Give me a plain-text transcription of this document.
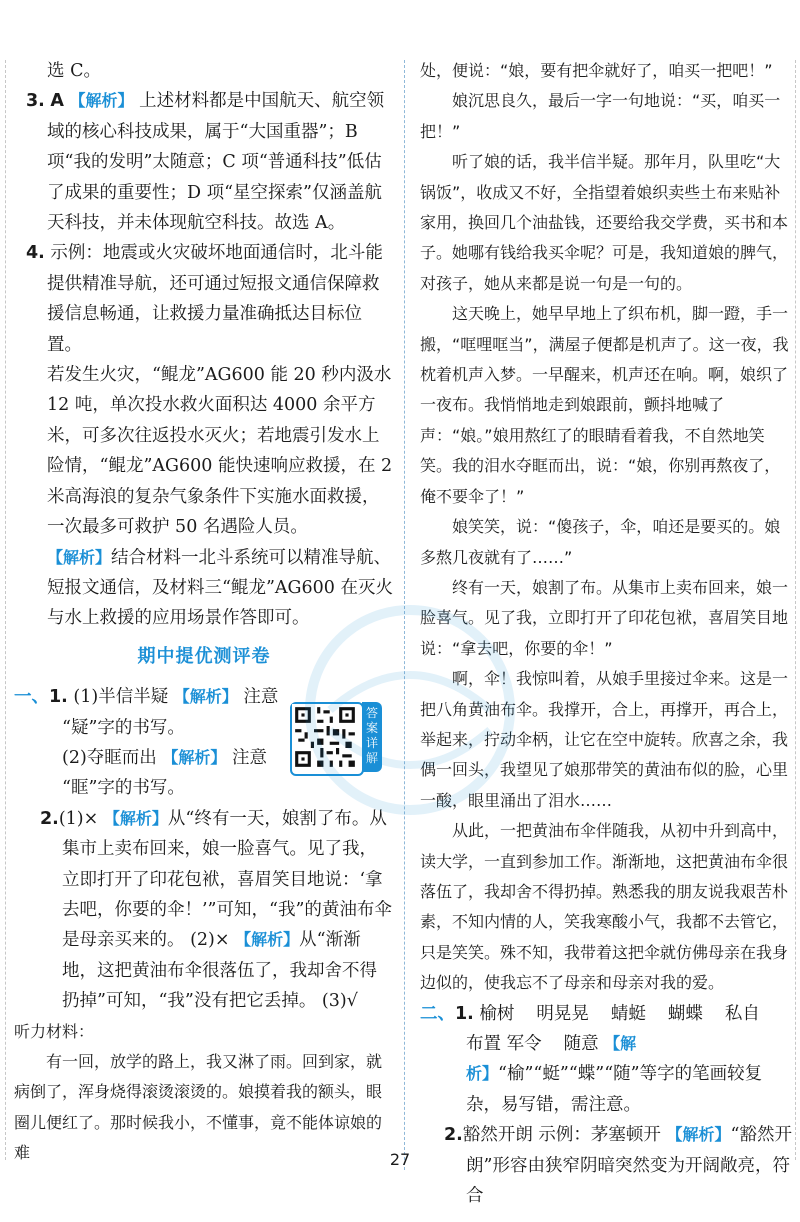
选 C。

3. A 【解析】 上述材料都是中国航天、航空领域的核心科技成果，属于“大国重器”；B 项“我的发明”太随意；C 项“普通科技”低估了成果的重要性；D 项“星空探索”仅涵盖航天科技，并未体现航空科技。故选 A。

4. 示例：地震或火灾破坏地面通信时，北斗能提供精准导航，还可通过短报文通信保障救援信息畅通，让救援力量准确抵达目标位置。

若发生火灾，“鲲龙”AG600 能 20 秒内汲水 12 吨，单次投水救火面积达 4000 余平方米，可多次往返投水灭火；若地震引发水上险情，“鲲龙”AG600 能快速响应救援，在 2 米高海浪的复杂气象条件下实施水面救援，一次最多可救护 50 名遇险人员。

【解析】结合材料一北斗系统可以精准导航、短报文通信，及材料三“鲲龙”AG600 在灭火与水上救援的应用场景作答即可。

期中提优测评卷

一、1. (1)半信半疑 【解析】 注意

“疑”字的书写。

(2)夺眶而出 【解析】 注意

“眶”字的书写。

2.(1)× 【解析】从“终有一天，娘割了布。从集市上卖布回来，娘一脸喜气。见了我，立即打开了印花包袱，喜眉笑目地说：‘拿去吧，你要的伞！’”可知，“我”的黄油布伞是母亲买来的。 (2)× 【解析】从“渐渐地，这把黄油布伞很落伍了，我却舍不得扔掉”可知，“我”没有把它丢掉。 (3)√

听力材料：

有一回，放学的路上，我又淋了雨。回到家，就病倒了，浑身烧得滚烫滚烫的。娘摸着我的额头，眼圈儿便红了。那时候我小，不懂事，竟不能体谅娘的难

答案详解

处，便说：“娘，要有把伞就好了，咱买一把吧！”

娘沉思良久，最后一字一句地说：“买，咱买一把！”

听了娘的话，我半信半疑。那年月，队里吃“大锅饭”，收成又不好，全指望着娘织卖些土布来贴补家用，换回几个油盐钱，还要给我交学费，买书和本子。她哪有钱给我买伞呢？可是，我知道娘的脾气，对孩子，她从来都是说一句是一句的。

这天晚上，她早早地上了织布机，脚一蹬，手一搬，“哐哩哐当”，满屋子便都是机声了。这一夜，我枕着机声入梦。一早醒来，机声还在响。啊，娘织了一夜布。我悄悄地走到娘跟前，颤抖地喊了声：“娘。”娘用熬红了的眼睛看着我，不自然地笑笑。我的泪水夺眶而出，说：“娘，你别再熬夜了，俺不要伞了！”

娘笑笑，说：“傻孩子，伞，咱还是要买的。娘多熬几夜就有了……”

终有一天，娘割了布。从集市上卖布回来，娘一脸喜气。见了我，立即打开了印花包袱，喜眉笑目地说：“拿去吧，你要的伞！”

啊，伞！我惊叫着，从娘手里接过伞来。这是一把八角黄油布伞。我撑开，合上，再撑开，再合上，举起来，拧动伞柄，让它在空中旋转。欣喜之余，我偶一回头，我望见了娘那带笑的黄油布似的脸，心里一酸，眼里涌出了泪水……

从此，一把黄油布伞伴随我，从初中升到高中，读大学，一直到参加工作。渐渐地，这把黄油布伞很落伍了，我却舍不得扔掉。熟悉我的朋友说我艰苦朴素，不知内情的人，笑我寒酸小气，我都不去管它，只是笑笑。殊不知，我带着这把伞就仿佛母亲在我身边似的，使我忘不了母亲和母亲对我的爱。

二、1. 榆树 明晃晃 蜻蜓 蝴蝶 私自布置 军令 随意 【解析】“榆”“蜓”“蝶”“随”等字的笔画较复杂，易写错，需注意。

2.豁然开朗 示例：茅塞顿开 【解析】“豁然开朗”形容由狭窄阴暗突然变为开阔敞亮，符合

27
